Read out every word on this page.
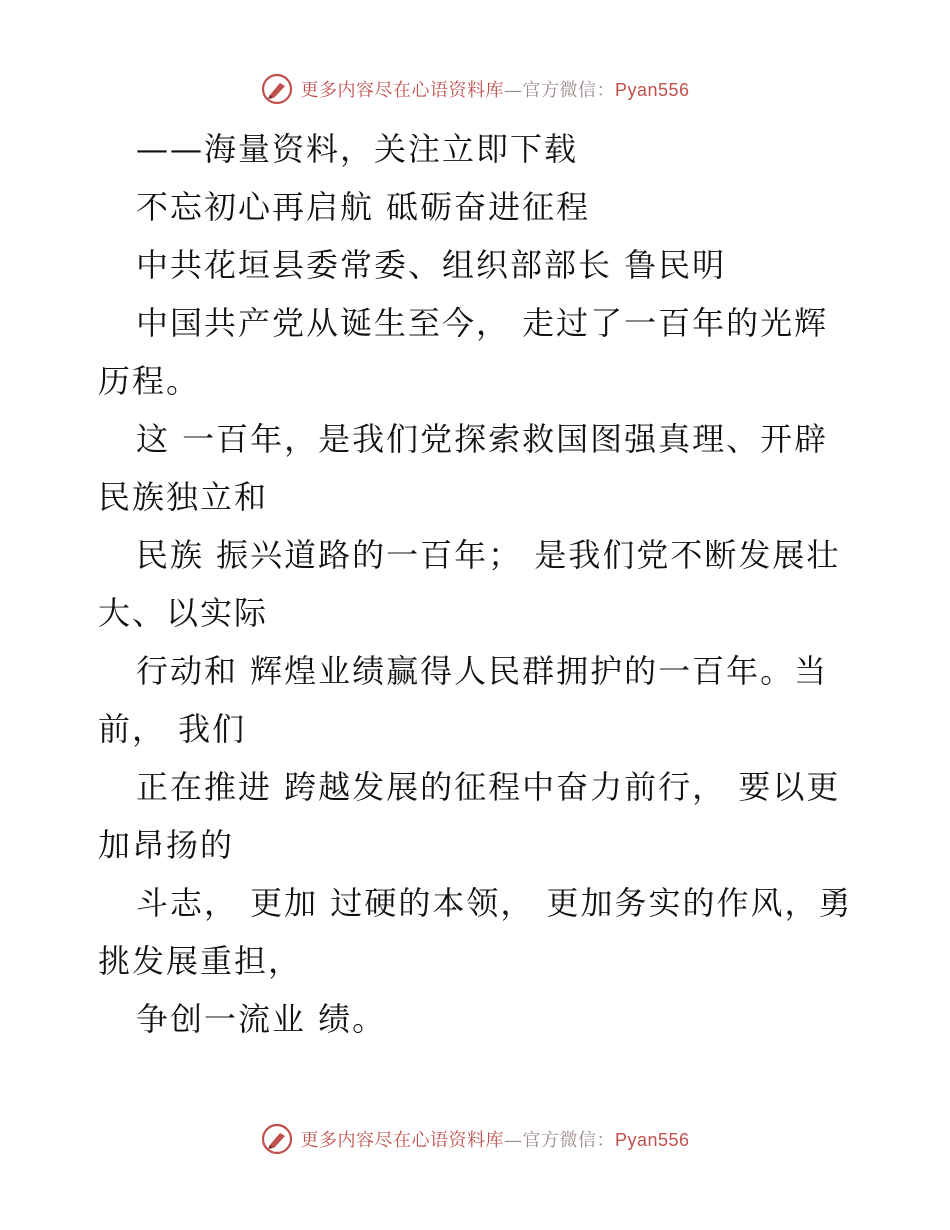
更多内容尽在心语资料库—官方微信：Pyan556

——海量资料，关注立即下载

不忘初心再启航 砥砺奋进征程

中共花垣县委常委、组织部部长 鲁民明

中国共产党从诞生至今， 走过了一百年的光辉历程。

这 一百年，是我们党探索救国图强真理、开辟民族独立和

民族 振兴道路的一百年； 是我们党不断发展壮大、以实际

行动和 辉煌业绩赢得人民群拥护的一百年。当前， 我们

正在推进 跨越发展的征程中奋力前行， 要以更加昂扬的

斗志， 更加 过硬的本领， 更加务实的作风，勇挑发展重担，

争创一流业 绩。

更多内容尽在心语资料库—官方微信：Pyan556
